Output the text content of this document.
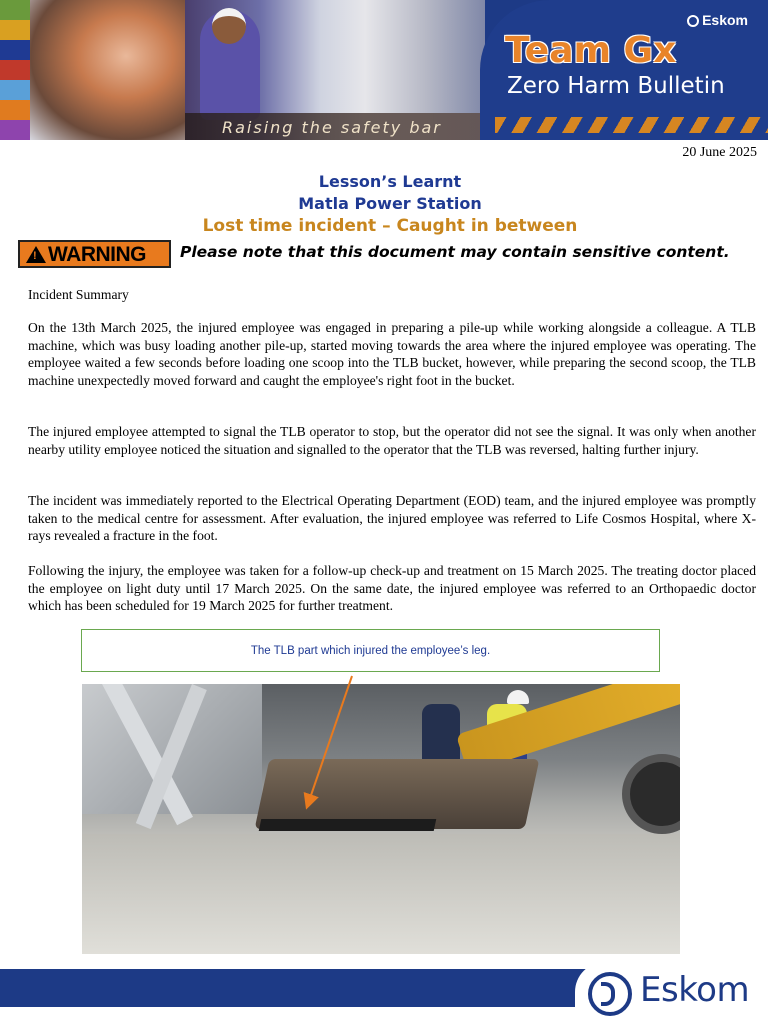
Raising the safety bar
Eskom
Team Gx
Zero Harm Bulletin
20 June 2025
Lesson’s Learnt
Matla Power Station
Lost time incident – Caught in between
! WARNING Please note that this document may contain sensitive content.
Incident Summary
On the 13th March 2025, the injured employee was engaged in preparing a pile-up while working alongside a colleague. A TLB machine, which was busy loading another pile-up, started moving towards the area where the injured employee was operating. The employee waited a few seconds before loading one scoop into the TLB bucket, however, while preparing the second scoop, the TLB machine unexpectedly moved forward and caught the employee's right foot in the bucket.
The injured employee attempted to signal the TLB operator to stop, but the operator did not see the signal. It was only when another nearby utility employee noticed the situation and signalled to the operator that the TLB was reversed, halting further injury.
The incident was immediately reported to the Electrical Operating Department (EOD) team, and the injured employee was promptly taken to the medical centre for assessment. After evaluation, the injured employee was referred to Life Cosmos Hospital, where X-rays revealed a fracture in the foot.
Following the injury, the employee was taken for a follow-up check-up and treatment on 15 March 2025. The treating doctor placed the employee on light duty until 17 March 2025. On the same date, the injured employee was referred to an Orthopaedic doctor which has been scheduled for 19 March 2025 for further treatment.
The TLB part which injured the employee’s leg.
Eskom
